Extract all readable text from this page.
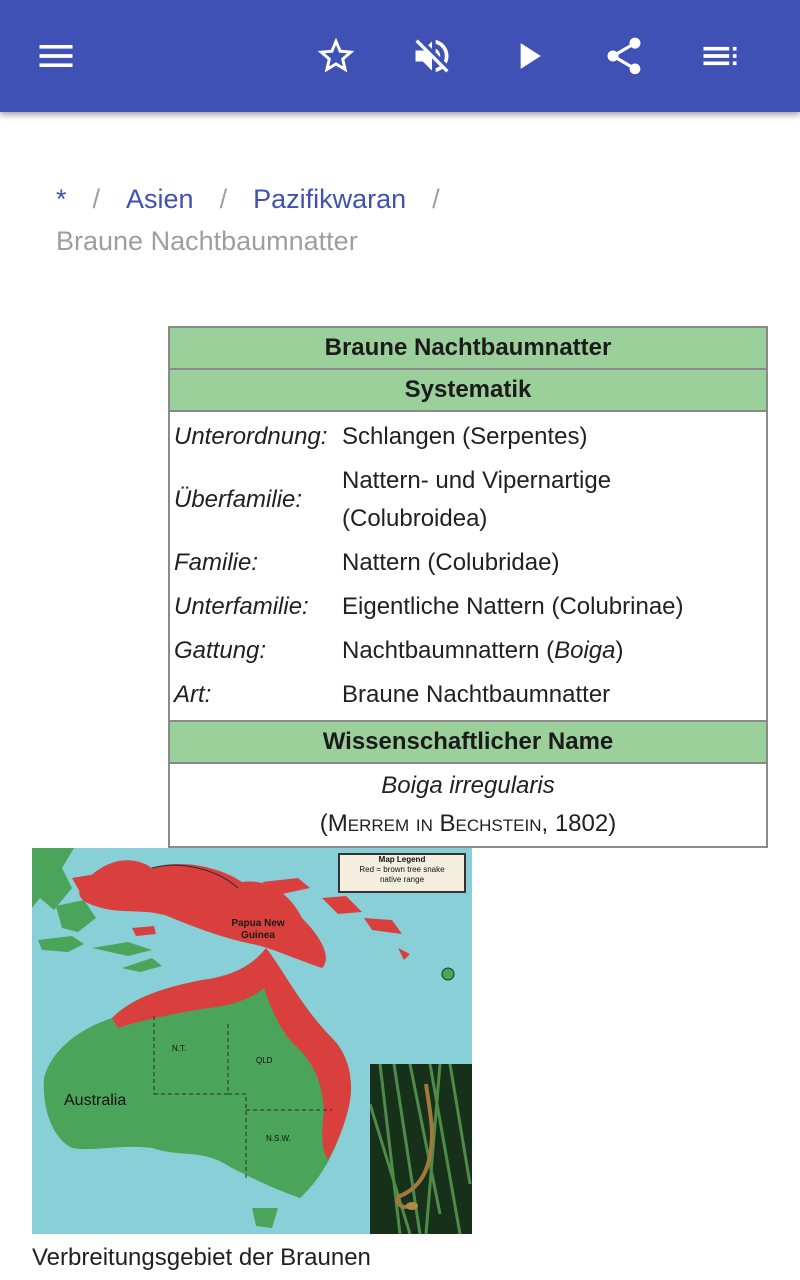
* / Asien / Pazifikwaran /
Braune Nachtbaumnatter
Braune Nachtbaumnatter	
Systematik	
Unterordnung:	Schlangen (Serpentes)
Überfamilie:	Nattern- und Vipernartige (Colubroidea)
Familie:	Nattern (Colubridae)
Unterfamilie:	Eigentliche Nattern (Colubrinae)
Gattung:	Nachtbaumnattern (Boiga)
Art:	Braune Nachtbaumnatter
Wissenschaftlicher Name	
Boiga irregularis
(Merrem in Bechstein, 1802)	
Map Legend
Red = brown tree snake
native range
Papua New Guinea
Australia
N.T.
QLD
N.S.W.
Verbreitungsgebiet der Braunen
